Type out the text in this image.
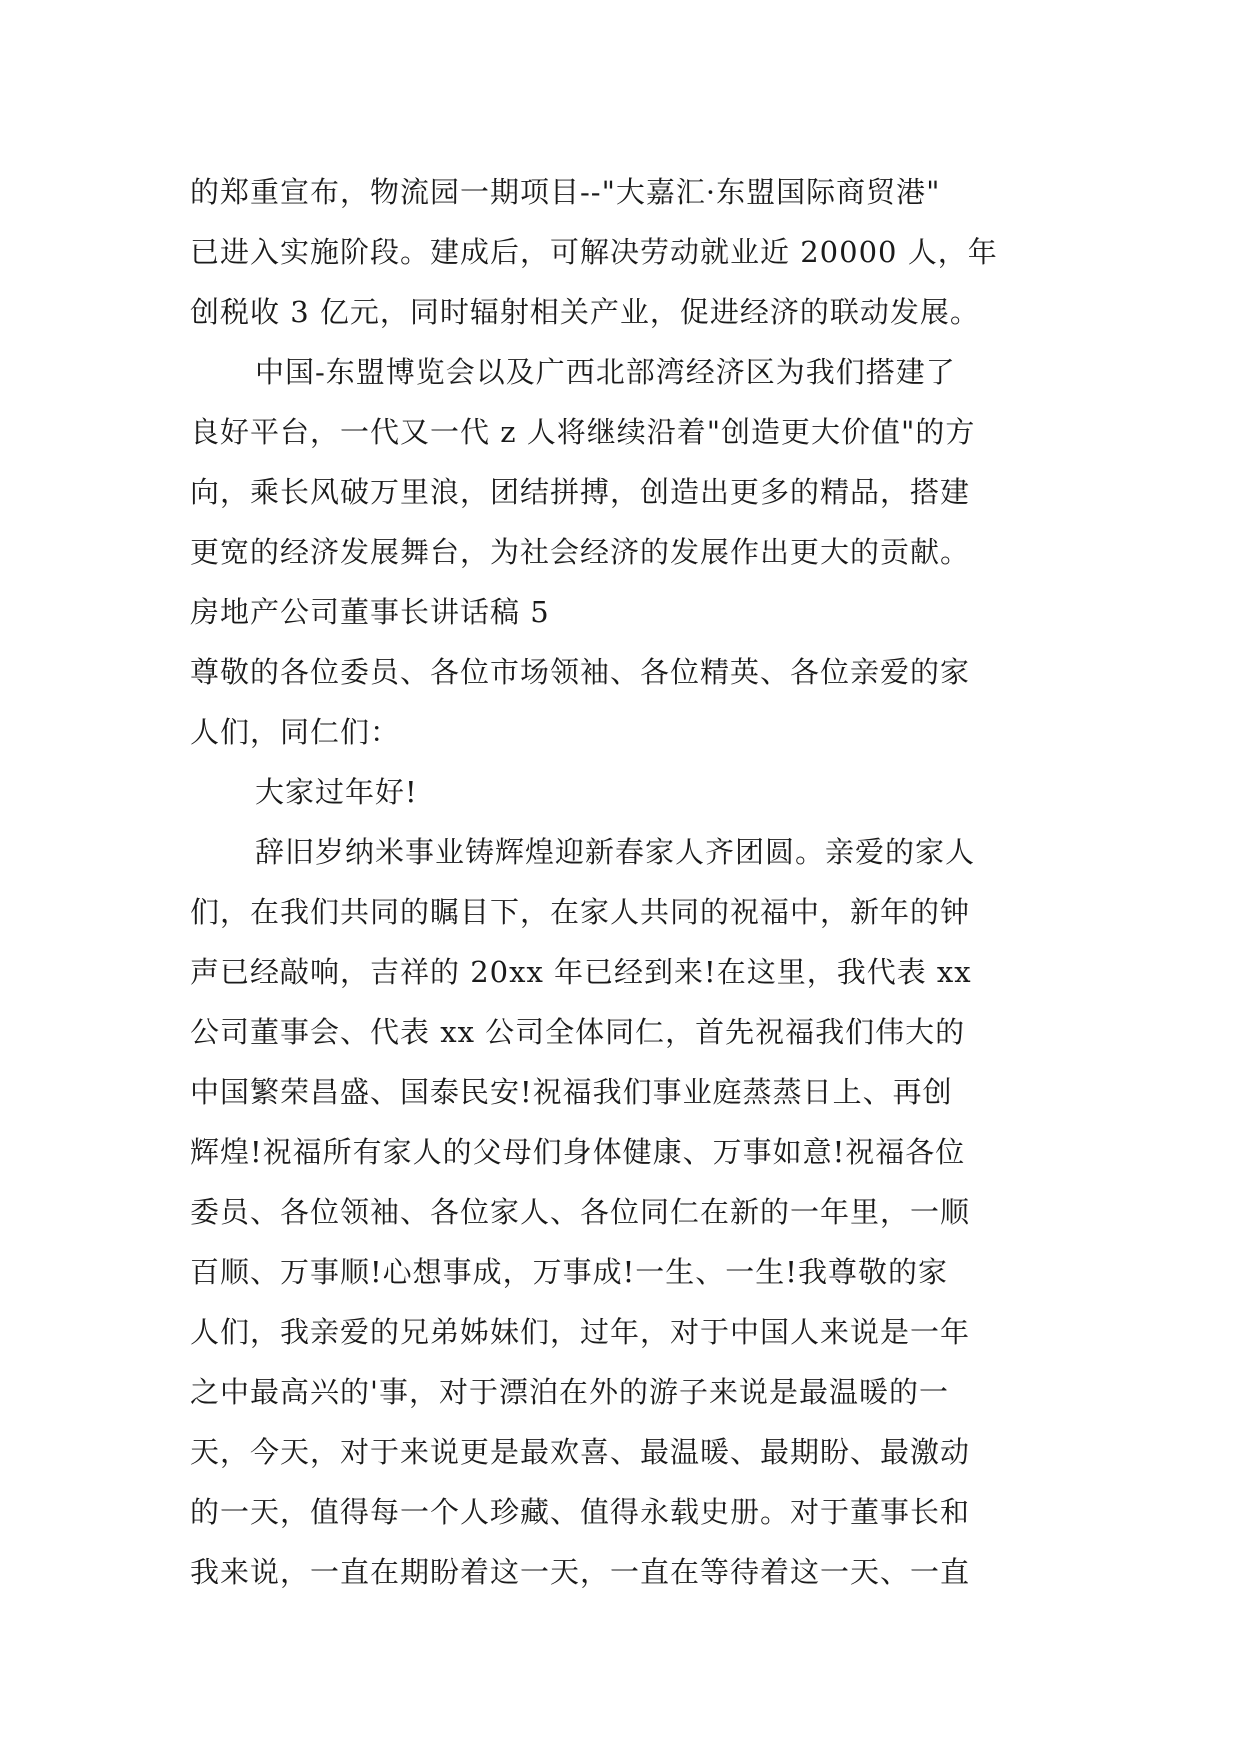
的郑重宣布，物流园一期项目--"大嘉汇·东盟国际商贸港"
已进入实施阶段。建成后，可解决劳动就业近 20000 人，年
创税收 3 亿元，同时辐射相关产业，促进经济的联动发展。
中国-东盟博览会以及广西北部湾经济区为我们搭建了
良好平台，一代又一代 z 人将继续沿着"创造更大价值"的方
向，乘长风破万里浪，团结拼搏，创造出更多的精品，搭建
更宽的经济发展舞台，为社会经济的发展作出更大的贡献。
房地产公司董事长讲话稿 5
尊敬的各位委员、各位市场领袖、各位精英、各位亲爱的家
人们，同仁们：
大家过年好!
辞旧岁纳米事业铸辉煌迎新春家人齐团圆。亲爱的家人
们，在我们共同的瞩目下，在家人共同的祝福中，新年的钟
声已经敲响，吉祥的 20xx 年已经到来!在这里，我代表 xx
公司董事会、代表 xx 公司全体同仁，首先祝福我们伟大的
中国繁荣昌盛、国泰民安!祝福我们事业庭蒸蒸日上、再创
辉煌!祝福所有家人的父母们身体健康、万事如意!祝福各位
委员、各位领袖、各位家人、各位同仁在新的一年里，一顺
百顺、万事顺!心想事成，万事成!一生、一生!我尊敬的家
人们，我亲爱的兄弟姊妹们，过年，对于中国人来说是一年
之中最高兴的'事，对于漂泊在外的游子来说是最温暖的一
天，今天，对于来说更是最欢喜、最温暖、最期盼、最激动
的一天，值得每一个人珍藏、值得永载史册。对于董事长和
我来说，一直在期盼着这一天，一直在等待着这一天、一直
